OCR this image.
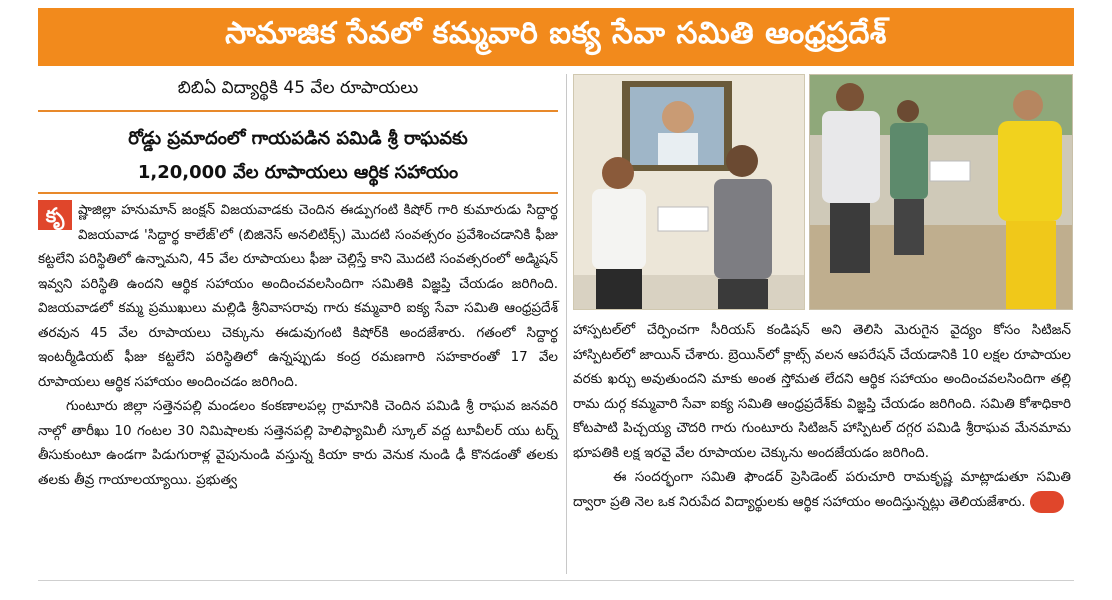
సామాజిక సేవలో కమ్మవారి ఐక్య సేవా సమితి ఆంధ్రప్రదేశ్
బిబిఏ విద్యార్థికి 45 వేల రూపాయలు
రోడ్డు ప్రమాదంలో గాయపడిన పమిడి శ్రీ రాఘవకు
1,20,000 వేల రూపాయలు ఆర్థిక సహాయం
కృ	ష్ణాజిల్లా హనుమాన్ జంక్షన్ విజయవాడకు చెందిన ఈడ్పుగంటి కిషోర్ గారి కుమారుడు సిద్దార్థ విజయవాడ 'సిద్దార్థ కాలేజ్'లో (బిజినెస్ అనలిటిక్స్) మొదటి సంవత్సరం ప్రవేశించడానికి ఫీజు కట్టలేని పరిస్థితిలో ఉన్నామని, 45 వేల రూపాయలు ఫీజు చెల్లిస్తే కాని మొదటి సంవత్సరంలో అడ్మిషన్ ఇవ్వని పరిస్థితి ఉందని ఆర్థిక సహాయం అందించవలసిందిగా సమితికి విజ్ఞప్తి చేయడం జరిగింది. విజయవాడలో కమ్మ ప్రముఖులు మల్లిడి శ్రీనివాసరావు గారు కమ్మవారి ఐక్య సేవా సమితి ఆంధ్రప్రదేశ్ తరవున 45 వేల రూపాయలు చెక్కును ఈడువుగంటి కిషోర్‌కి అందజేశారు. గతంలో సిద్దార్థ ఇంటర్మీడియట్ ఫీజు కట్టలేని పరిస్థితిలో ఉన్నప్పుడు కంద్ర రమణగారి సహకారంతో 17 వేల రూపాయలు ఆర్థిక సహాయం అందించడం జరిగింది.

గుంటూరు జిల్లా సత్తెనపల్లి మండలం కంకణాలపల్ల గ్రామానికి చెందిన పమిడి శ్రీ రాఘవ జనవరి నాల్గో తారీఖు 10 గంటల 30 నిమిషాలకు సత్తెనపల్లి హెలిఫ్యామిలీ స్కూల్ వద్ద టూవీలర్ యు టర్న్ తీసుకుంటూ ఉండగా పిడుగురాళ్ల వైపునుండి వస్తున్న కియా కారు వెనుక నుండి ఢీ కొనడంతో తలకు తలకు తీవ్ర గాయాలయ్యాయి. ప్రభుత్వ

హాస్పటల్‌లో చేర్పించగా సీరియస్ కండిషన్ అని తెలిసి మెరుగైన వైద్యం కోసం సిటిజన్ హాస్పిటల్‌లో జాయిన్ చేశారు. బ్రెయిన్‌లో క్లాట్స్ వలన ఆపరేషన్ చేయడానికి 10 లక్షల రూపాయల వరకు ఖర్చు అవుతుందని మాకు అంత స్తోమత లేదని ఆర్థిక సహాయం అందించవలసిందిగా తల్లి రామ దుర్గ కమ్మవారి సేవా ఐక్య సమితి ఆంధ్రప్రదేశ్‌కు విజ్ఞప్తి చేయడం జరిగింది. సమితి కోశాధికారి కోటపాటి పిచ్చయ్య చౌదరి గారు గుంటూరు సిటిజన్ హాస్పిటల్ దగ్గర పమిడి శ్రీరాఘవ మేనమామ భూపతికి లక్ష ఇరవై వేల రూపాయల చెక్కును అందజేయడం జరిగింది.

ఈ సందర్భంగా సమితి ఫౌండర్ ప్రెసిడెంట్ పరుచూరి రామకృష్ణ మాట్లాడుతూ సమితి ద్వారా ప్రతి నెల ఒక నిరుపేద విద్యార్థులకు ఆర్థిక సహాయం అందిస్తున్నట్లు తెలియజేశారు.	KV
